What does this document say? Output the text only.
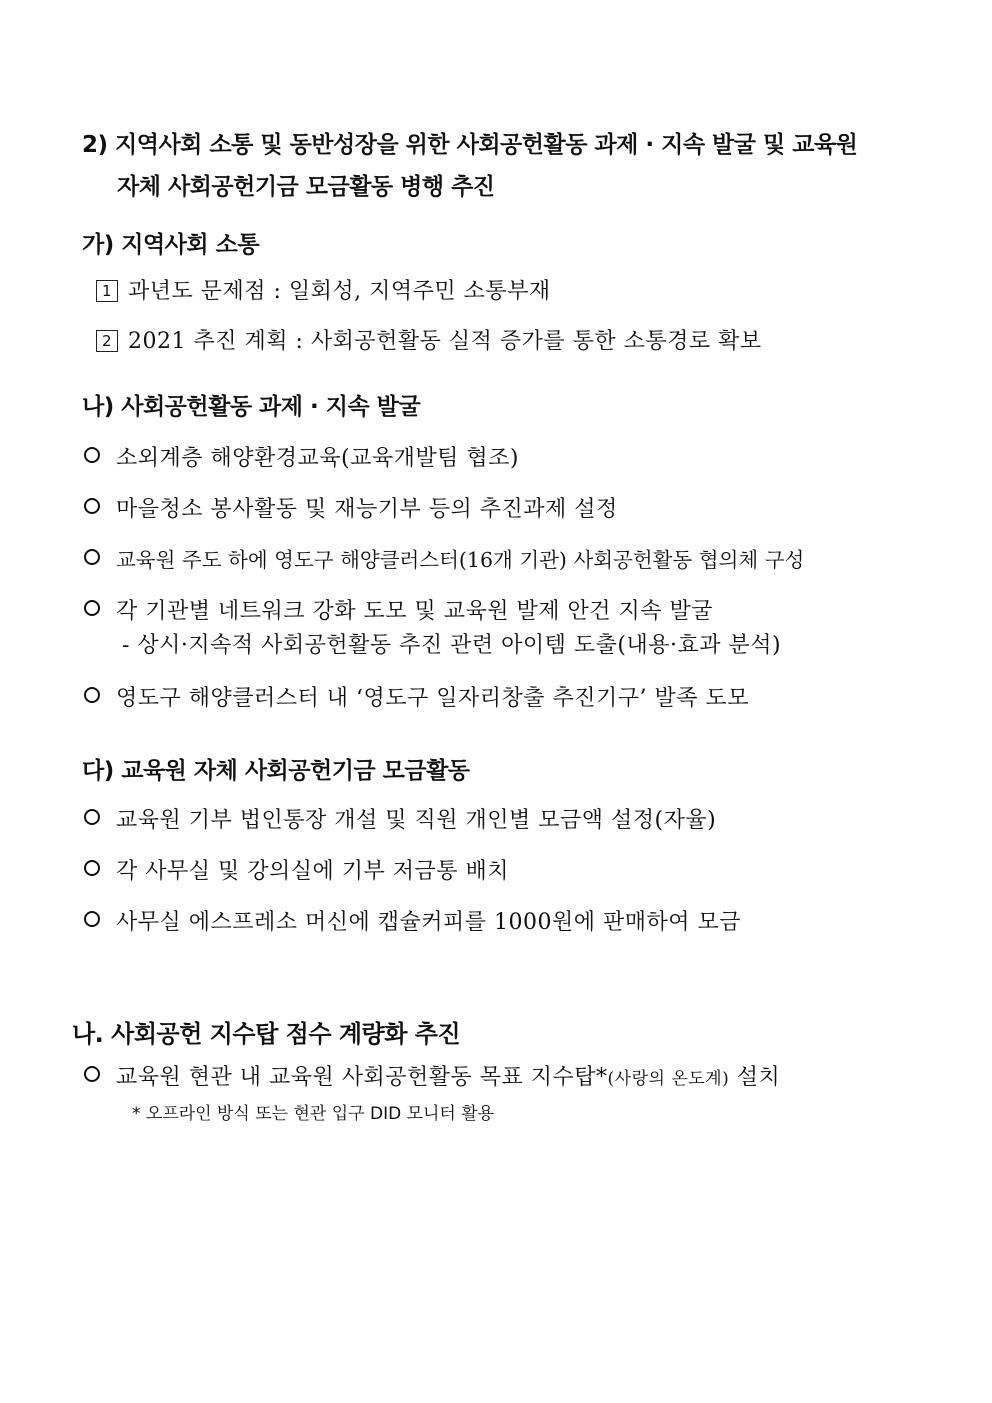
2) 지역사회 소통 및 동반성장을 위한 사회공헌활동 과제 · 지속 발굴 및 교육원
자체 사회공헌기금 모금활동 병행 추진
가) 지역사회 소통
1 과년도 문제점 : 일회성, 지역주민 소통부재
2 2021 추진 계획 : 사회공헌활동 실적 증가를 통한 소통경로 확보
나) 사회공헌활동 과제 · 지속 발굴
소외계층 해양환경교육(교육개발팀 협조)
마을청소 봉사활동 및 재능기부 등의 추진과제 설정
교육원 주도 하에 영도구 해양클러스터(16개 기관) 사회공헌활동 협의체 구성
각 기관별 네트워크 강화 도모 및 교육원 발제 안건 지속 발굴
- 상시·지속적 사회공헌활동 추진 관련 아이템 도출(내용·효과 분석)
영도구 해양클러스터 내 ‘영도구 일자리창출 추진기구’ 발족 도모
다) 교육원 자체 사회공헌기금 모금활동
교육원 기부 법인통장 개설 및 직원 개인별 모금액 설정(자율)
각 사무실 및 강의실에 기부 저금통 배치
사무실 에스프레소 머신에 캡슐커피를 1000원에 판매하여 모금
나. 사회공헌 지수탑 점수 계량화 추진
교육원 현관 내 교육원 사회공헌활동 목표 지수탑*(사랑의 온도계) 설치
* 오프라인 방식 또는 현관 입구 DID 모니터 활용
